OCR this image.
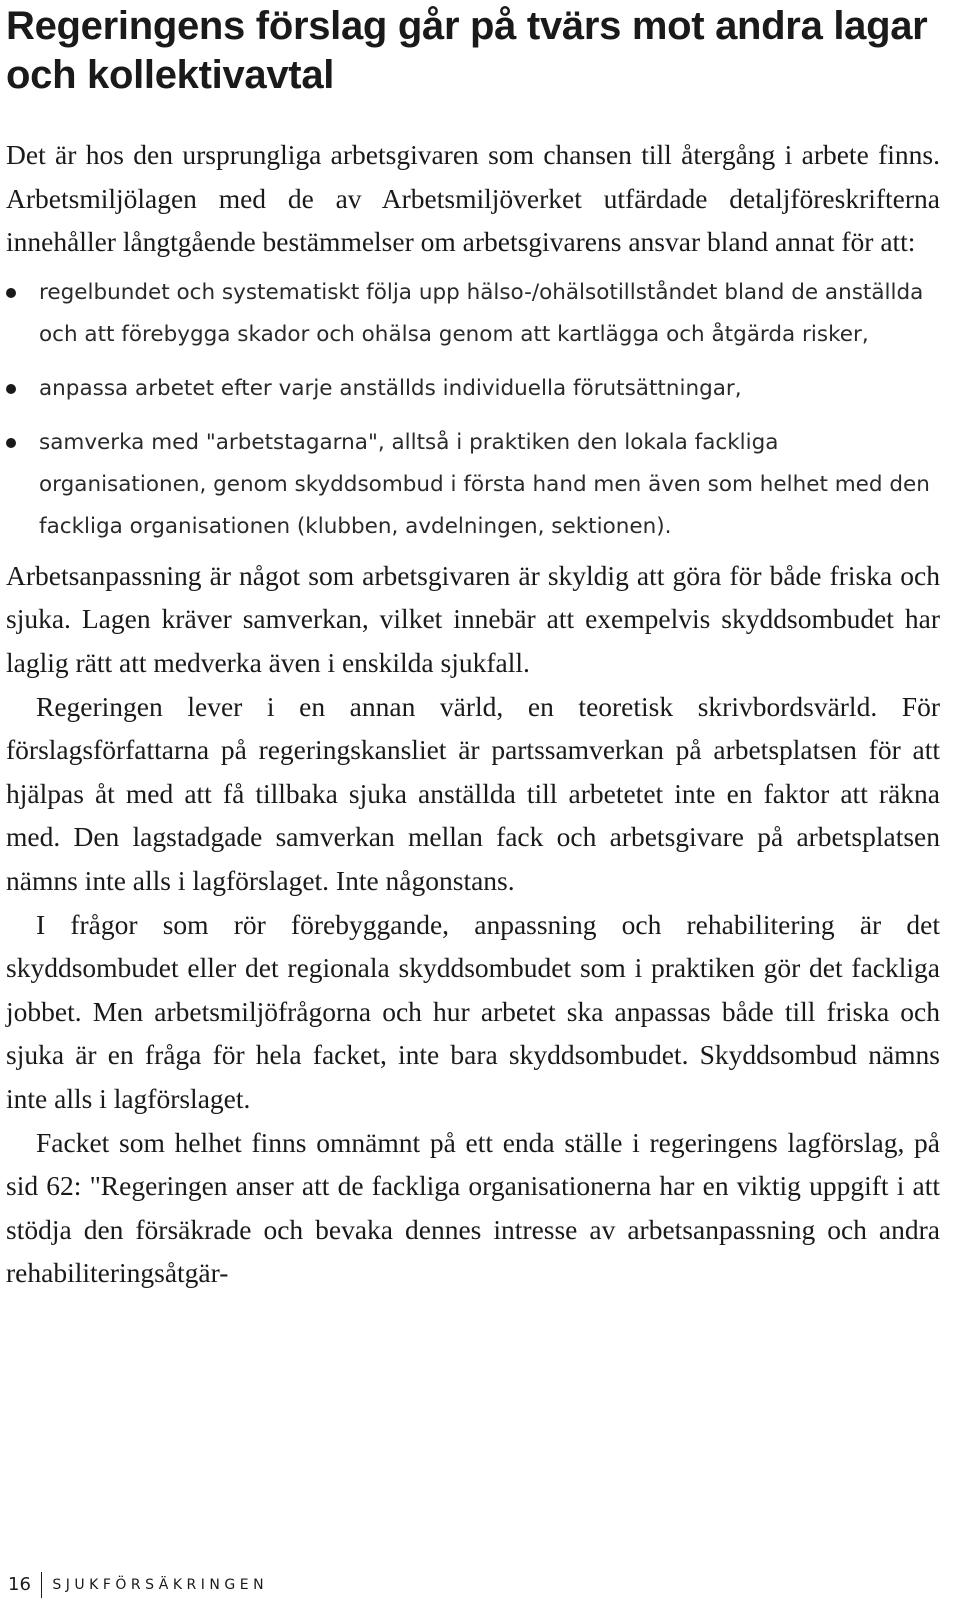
Regeringens förslag går på tvärs mot andra lagar och kollektivavtal

Det är hos den ursprungliga arbetsgivaren som chansen till återgång i arbete finns. Arbetsmiljölagen med de av Arbetsmiljöverket utfärdade detaljföreskrifterna innehåller långtgående bestämmelser om arbetsgivarens ansvar bland annat för att:

regelbundet och systematiskt följa upp hälso-/ohälsotillståndet bland de anställda och att förebygga skador och ohälsa genom att kartlägga och åtgärda risker,
anpassa arbetet efter varje anställds individuella förutsättningar,
samverka med "arbetstagarna", alltså i praktiken den lokala fackliga organisationen, genom skyddsombud i första hand men även som helhet med den fackliga organisationen (klubben, avdelningen, sektionen).

Arbetsanpassning är något som arbetsgivaren är skyldig att göra för både friska och sjuka. Lagen kräver samverkan, vilket innebär att exempelvis skyddsombudet har laglig rätt att medverka även i enskilda sjukfall.

Regeringen lever i en annan värld, en teoretisk skrivbordsvärld. För förslagsförfattarna på regeringskansliet är partssamverkan på arbetsplatsen för att hjälpas åt med att få tillbaka sjuka anställda till arbetetet inte en faktor att räkna med. Den lagstadgade samverkan mellan fack och arbetsgivare på arbetsplatsen nämns inte alls i lagförslaget. Inte någonstans.

I frågor som rör förebyggande, anpassning och rehabilitering är det skyddsombudet eller det regionala skyddsombudet som i praktiken gör det fackliga jobbet. Men arbetsmiljöfrågorna och hur arbetet ska anpassas både till friska och sjuka är en fråga för hela facket, inte bara skyddsombudet. Skyddsombud nämns inte alls i lagförslaget.

Facket som helhet finns omnämnt på ett enda ställe i regeringens lagförslag, på sid 62: "Regeringen anser att de fackliga organisationerna har en viktig uppgift i att stödja den försäkrade och bevaka dennes intresse av arbetsanpassning och andra rehabiliteringsåtgär-

16 SJUKFÖRSÄKRINGEN
